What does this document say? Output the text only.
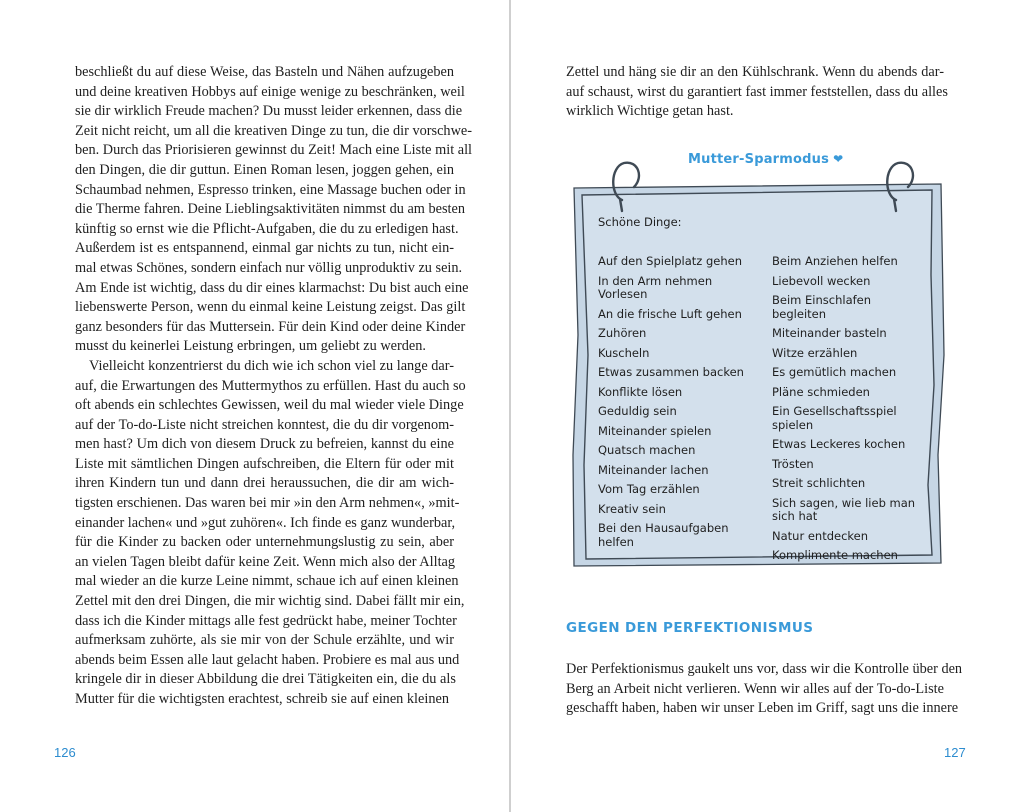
beschließt du auf diese Weise, das Basteln und Nähen aufzugeben
und deine kreativen Hobbys auf einige wenige zu beschränken, weil
sie dir wirklich Freude machen? Du musst leider erkennen, dass die
Zeit nicht reicht, um all die kreativen Dinge zu tun, die dir vorschwe-
ben. Durch das Priorisieren gewinnst du Zeit! Mach eine Liste mit all
den Dingen, die dir guttun. Einen Roman lesen, joggen gehen, ein
Schaumbad nehmen, Espresso trinken, eine Massage buchen oder in
die Therme fahren. Deine Lieblingsaktivitäten nimmst du am besten
künftig so ernst wie die Pflicht-Aufgaben, die du zu erledigen hast.
Außerdem ist es entspannend, einmal gar nichts zu tun, nicht ein-
mal etwas Schönes, sondern einfach nur völlig unproduktiv zu sein.
Am Ende ist wichtig, dass du dir eines klarmachst: Du bist auch eine
liebenswerte Person, wenn du einmal keine Leistung zeigst. Das gilt
ganz besonders für das Muttersein. Für dein Kind oder deine Kinder
musst du keinerlei Leistung erbringen, um geliebt zu werden.
Vielleicht konzentrierst du dich wie ich schon viel zu lange dar-
auf, die Erwartungen des Muttermythos zu erfüllen. Hast du auch so
oft abends ein schlechtes Gewissen, weil du mal wieder viele Dinge
auf der To-do-Liste nicht streichen konntest, die du dir vorgenom-
men hast? Um dich von diesem Druck zu befreien, kannst du eine
Liste mit sämtlichen Dingen aufschreiben, die Eltern für oder mit
ihren Kindern tun und dann drei heraussuchen, die dir am wich-
tigsten erschienen. Das waren bei mir »in den Arm nehmen«, »mit-
einander lachen« und »gut zuhören«. Ich finde es ganz wunderbar,
für die Kinder zu backen oder unternehmungslustig zu sein, aber
an vielen Tagen bleibt dafür keine Zeit. Wenn mich also der Alltag
mal wieder an die kurze Leine nimmt, schaue ich auf einen kleinen
Zettel mit den drei Dingen, die mir wichtig sind. Dabei fällt mir ein,
dass ich die Kinder mittags alle fest gedrückt habe, meiner Tochter
aufmerksam zuhörte, als sie mir von der Schule erzählte, und wir
abends beim Essen alle laut gelacht haben. Probiere es mal aus und
kringele dir in dieser Abbildung die drei Tätigkeiten ein, die du als
Mutter für die wichtigsten erachtest, schreib sie auf einen kleinen
126
Zettel und häng sie dir an den Kühlschrank. Wenn du abends dar-
auf schaust, wirst du garantiert fast immer feststellen, dass du alles
wirklich Wichtige getan hast.
Mutter-Sparmodus ❤
Schöne Dinge:
Auf den Spielplatz gehen
In den Arm nehmen
Vorlesen
An die frische Luft gehen
Zuhören
Kuscheln
Etwas zusammen backen
Konflikte lösen
Geduldig sein
Miteinander spielen
Quatsch machen
Miteinander lachen
Vom Tag erzählen
Kreativ sein
Bei den Hausaufgaben
helfen
Beim Anziehen helfen
Liebevoll wecken
Beim Einschlafen
begleiten
Miteinander basteln
Witze erzählen
Es gemütlich machen
Pläne schmieden
Ein Gesellschaftsspiel
spielen
Etwas Leckeres kochen
Trösten
Streit schlichten
Sich sagen, wie lieb man
sich hat
Natur entdecken
Komplimente machen
GEGEN DEN PERFEKTIONISMUS
Der Perfektionismus gaukelt uns vor, dass wir die Kontrolle über den
Berg an Arbeit nicht verlieren. Wenn wir alles auf der To-do-Liste
geschafft haben, haben wir unser Leben im Griff, sagt uns die innere
127
